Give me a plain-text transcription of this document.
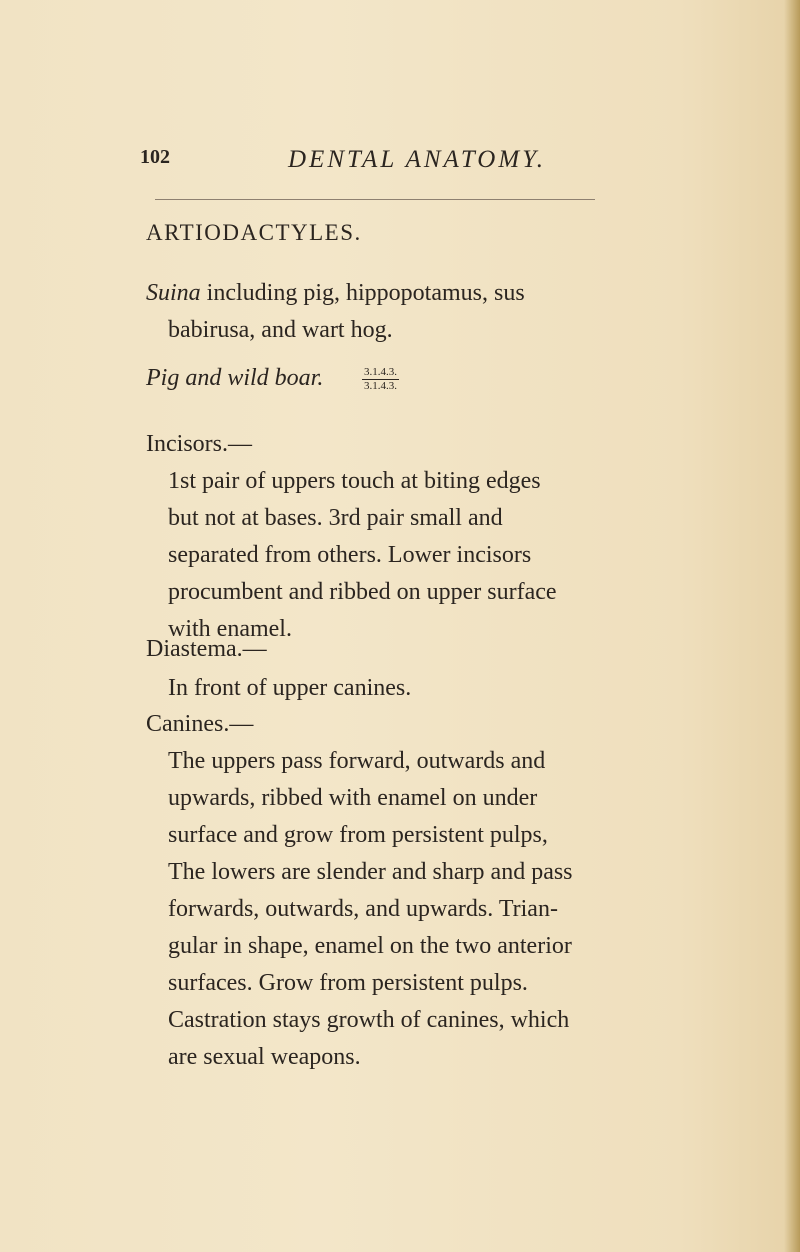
102	DENTAL ANATOMY.
ARTIODACTYLES.
Suina including pig, hippopotamus, sus
babirusa, and wart hog.
Pig and wild boar.	3.1.4.3.
3.1.4.3.
Incisors.—
1st pair of uppers touch at biting edges
but not at bases. 3rd pair small and
separated from others. Lower incisors
procumbent and ribbed on upper surface
with enamel.
Diastema.—
In front of upper canines.
Canines.—
The uppers pass forward, outwards and
upwards, ribbed with enamel on under
surface and grow from persistent pulps,
The lowers are slender and sharp and pass
forwards, outwards, and upwards. Trian-
gular in shape, enamel on the two anterior
surfaces. Grow from persistent pulps.
Castration stays growth of canines, which
are sexual weapons.
